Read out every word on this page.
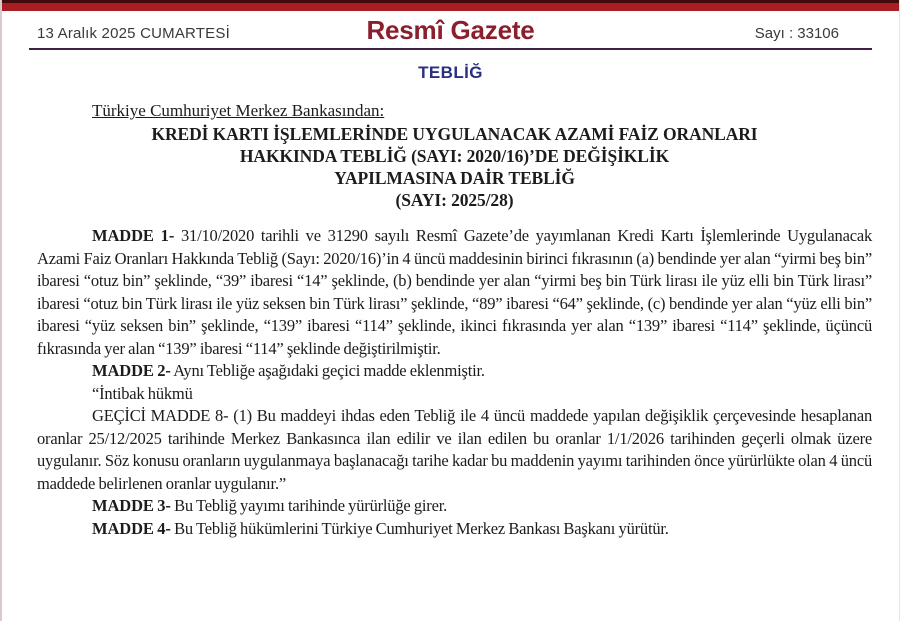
13 Aralık 2025 CUMARTESİ	Resmî Gazete	Sayı : 33106
TEBLİĞ
Türkiye Cumhuriyet Merkez Bankasından:
KREDİ KARTI İŞLEMLERİNDE UYGULANACAK AZAMİ FAİZ ORANLARI
HAKKINDA TEBLİĞ (SAYI: 2020/16)’DE DEĞİŞİKLİK
YAPILMASINA DAİR TEBLİĞ
(SAYI: 2025/28)

MADDE 1- 31/10/2020 tarihli ve 31290 sayılı Resmî Gazete’de yayımlanan Kredi Kartı İşlemlerinde Uygulanacak Azami Faiz Oranları Hakkında Tebliğ (Sayı: 2020/16)’in 4 üncü maddesinin birinci fıkrasının (a) bendinde yer alan “yirmi beş bin” ibaresi “otuz bin” şeklinde, “39” ibaresi “14” şeklinde, (b) bendinde yer alan “yirmi beş bin Türk lirası ile yüz elli bin Türk lirası” ibaresi “otuz bin Türk lirası ile yüz seksen bin Türk lirası” şeklinde, “89” ibaresi “64” şeklinde, (c) bendinde yer alan “yüz elli bin” ibaresi “yüz seksen bin” şeklinde, “139” ibaresi “114” şeklinde, ikinci fıkrasında yer alan “139” ibaresi “114” şeklinde, üçüncü fıkrasında yer alan “139” ibaresi “114” şeklinde değiştirilmiştir.

MADDE 2- Aynı Tebliğe aşağıdaki geçici madde eklenmiştir.

“İntibak hükmü

GEÇİCİ MADDE 8- (1) Bu maddeyi ihdas eden Tebliğ ile 4 üncü maddede yapılan değişiklik çerçevesinde hesaplanan oranlar 25/12/2025 tarihinde Merkez Bankasınca ilan edilir ve ilan edilen bu oranlar 1/1/2026 tarihinden geçerli olmak üzere uygulanır. Söz konusu oranların uygulanmaya başlanacağı tarihe kadar bu maddenin yayımı tarihinden önce yürürlükte olan 4 üncü maddede belirlenen oranlar uygulanır.”

MADDE 3- Bu Tebliğ yayımı tarihinde yürürlüğe girer.

MADDE 4- Bu Tebliğ hükümlerini Türkiye Cumhuriyet Merkez Bankası Başkanı yürütür.
